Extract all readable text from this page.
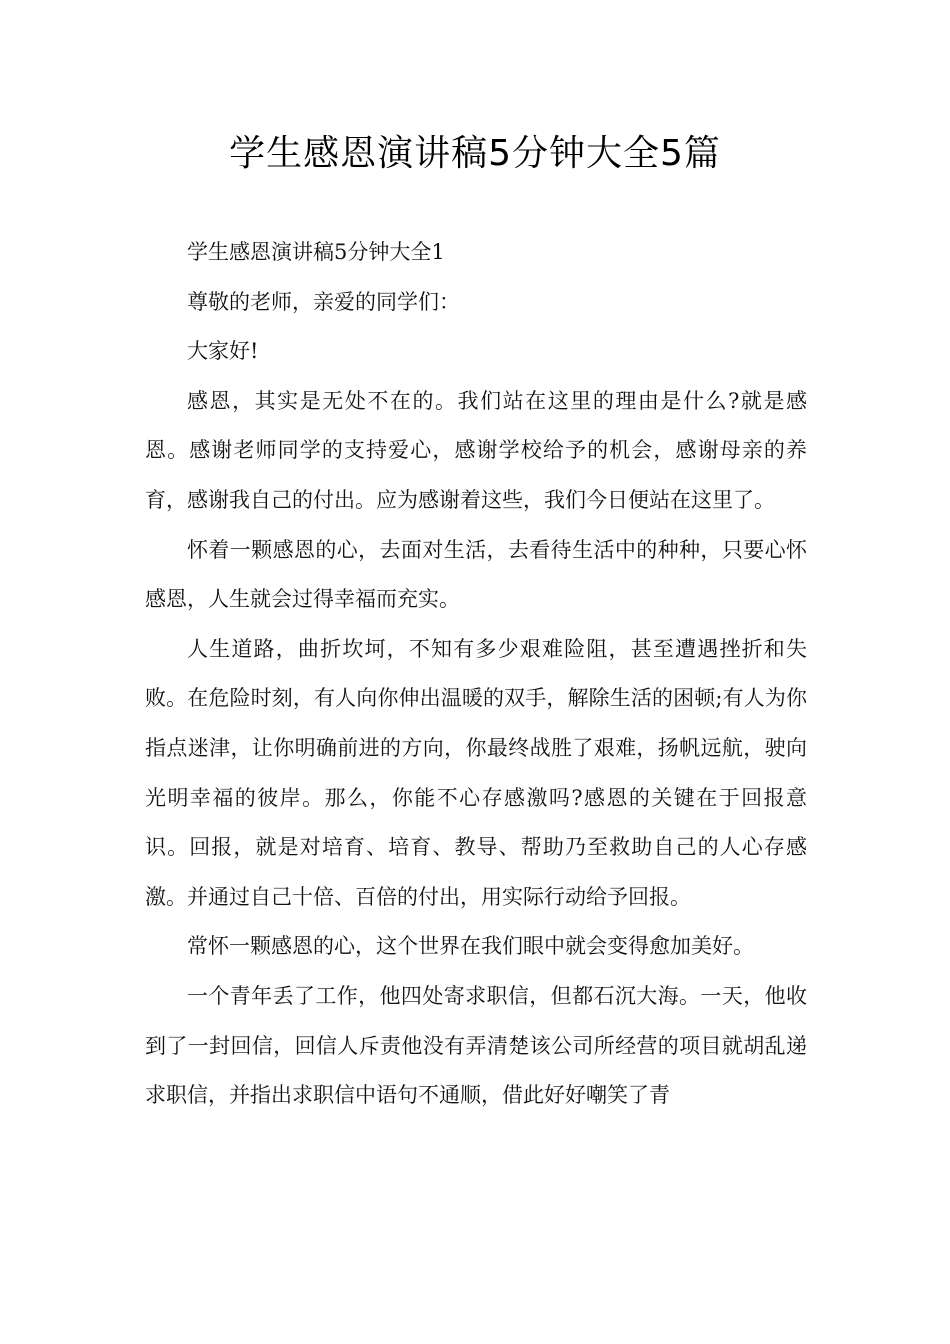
学生感恩演讲稿5分钟大全5篇

学生感恩演讲稿5分钟大全1

尊敬的老师，亲爱的同学们：

大家好!

感恩，其实是无处不在的。我们站在这里的理由是什么?就是感恩。感谢老师同学的支持爱心，感谢学校给予的机会，感谢母亲的养育，感谢我自己的付出。应为感谢着这些，我们今日便站在这里了。

怀着一颗感恩的心，去面对生活，去看待生活中的种种，只要心怀感恩，人生就会过得幸福而充实。

人生道路，曲折坎坷，不知有多少艰难险阻，甚至遭遇挫折和失败。在危险时刻，有人向你伸出温暖的双手，解除生活的困顿;有人为你指点迷津，让你明确前进的方向，你最终战胜了艰难，扬帆远航，驶向光明幸福的彼岸。那么，你能不心存感激吗?感恩的关键在于回报意识。回报，就是对培育、培育、教导、帮助乃至救助自己的人心存感激。并通过自己十倍、百倍的付出，用实际行动给予回报。

常怀一颗感恩的心，这个世界在我们眼中就会变得愈加美好。

一个青年丢了工作，他四处寄求职信，但都石沉大海。一天，他收到了一封回信，回信人斥责他没有弄清楚该公司所经营的项目就胡乱递求职信，并指出求职信中语句不通顺，借此好好嘲笑了青
